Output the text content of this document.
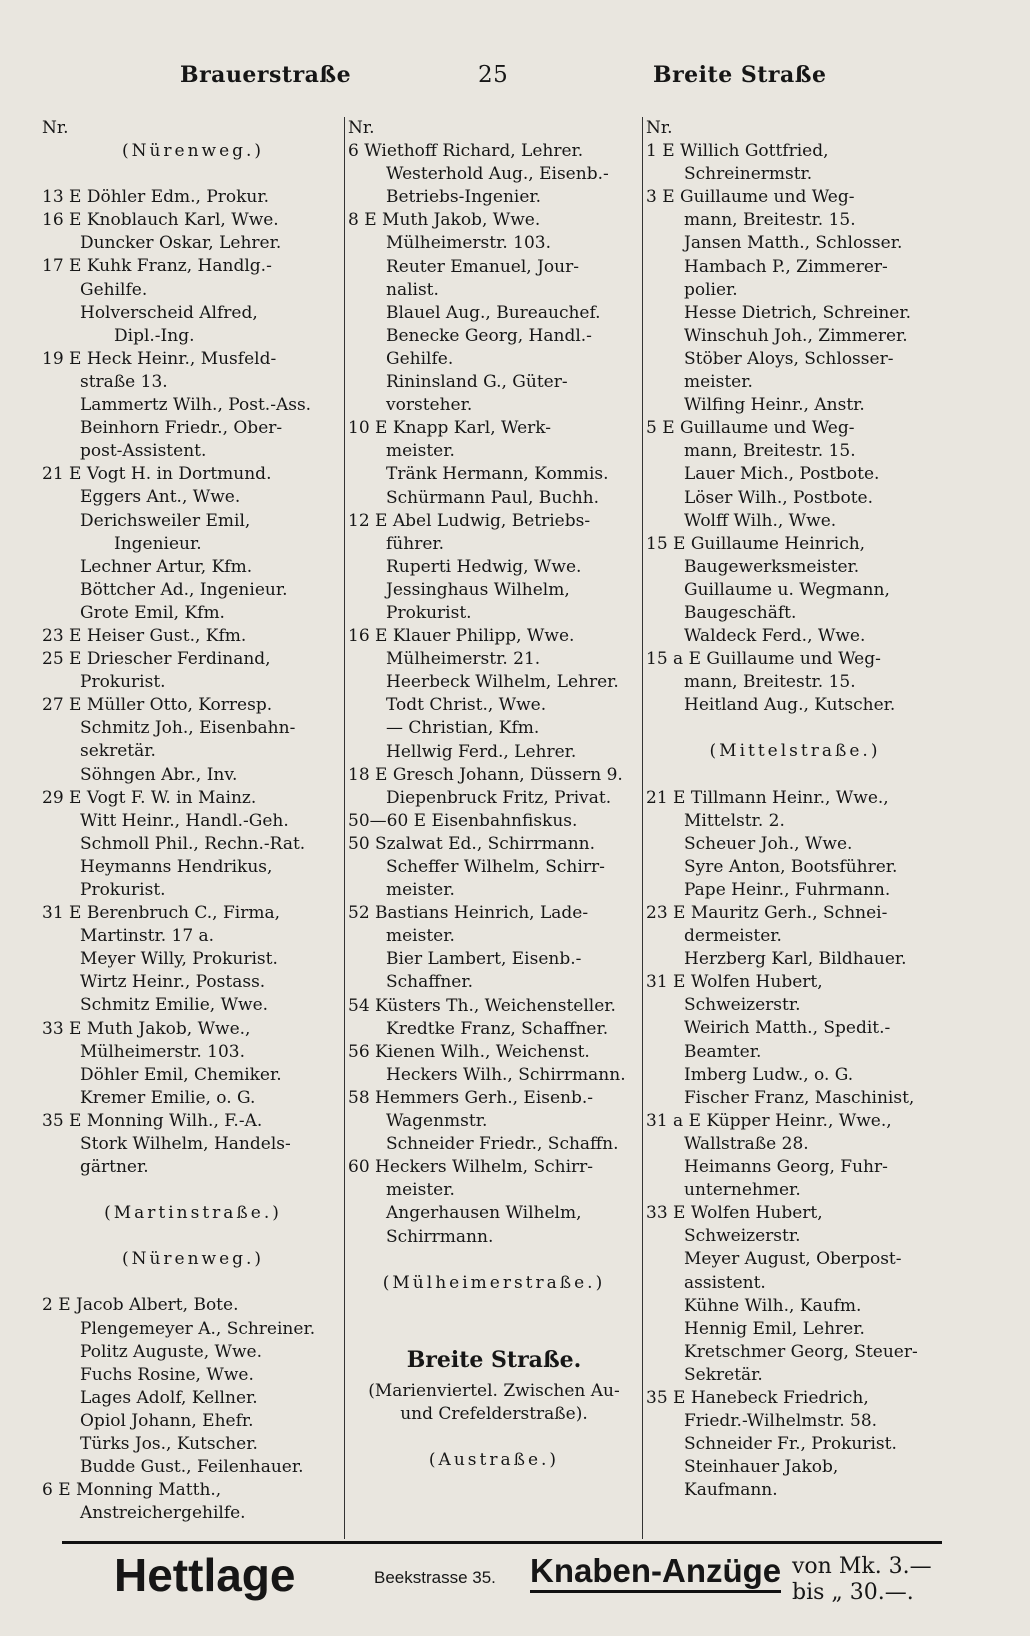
Brauerstraße	25	Breite Straße
Nr.
(Nürenweg.)
13 E Döhler Edm., Prokur.
16 E Knoblauch Karl, Wwe.
Duncker Oskar, Lehrer.
17 E Kuhk Franz, Handlg.-
Gehilfe.
Holverscheid Alfred,
Dipl.-Ing.
19 E Heck Heinr., Musfeld-
straße 13.
Lammertz Wilh., Post.-Ass.
Beinhorn Friedr., Ober-
post-Assistent.
21 E Vogt H. in Dortmund.
Eggers Ant., Wwe.
Derichsweiler Emil,
Ingenieur.
Lechner Artur, Kfm.
Böttcher Ad., Ingenieur.
Grote Emil, Kfm.
23 E Heiser Gust., Kfm.
25 E Driescher Ferdinand,
Prokurist.
27 E Müller Otto, Korresp.
Schmitz Joh., Eisenbahn-
sekretär.
Söhngen Abr., Inv.
29 E Vogt F. W. in Mainz.
Witt Heinr., Handl.-Geh.
Schmoll Phil., Rechn.-Rat.
Heymanns Hendrikus,
Prokurist.
31 E Berenbruch C., Firma,
Martinstr. 17 a.
Meyer Willy, Prokurist.
Wirtz Heinr., Postass.
Schmitz Emilie, Wwe.
33 E Muth Jakob, Wwe.,
Mülheimerstr. 103.
Döhler Emil, Chemiker.
Kremer Emilie, o. G.
35 E Monning Wilh., F.-A.
Stork Wilhelm, Handels-
gärtner.
(Martinstraße.)
(Nürenweg.)
2 E Jacob Albert, Bote.
Plengemeyer A., Schreiner.
Politz Auguste, Wwe.
Fuchs Rosine, Wwe.
Lages Adolf, Kellner.
Opiol Johann, Ehefr.
Türks Jos., Kutscher.
Budde Gust., Feilenhauer.
6 E Monning Matth.,
Anstreichergehilfe.
Nr.
6 Wiethoff Richard, Lehrer.
Westerhold Aug., Eisenb.-
Betriebs-Ingenier.
8 E Muth Jakob, Wwe.
Mülheimerstr. 103.
Reuter Emanuel, Jour-
nalist.
Blauel Aug., Bureauchef.
Benecke Georg, Handl.-
Gehilfe.
Rininsland G., Güter-
vorsteher.
10 E Knapp Karl, Werk-
meister.
Tränk Hermann, Kommis.
Schürmann Paul, Buchh.
12 E Abel Ludwig, Betriebs-
führer.
Ruperti Hedwig, Wwe.
Jessinghaus Wilhelm,
Prokurist.
16 E Klauer Philipp, Wwe.
Mülheimerstr. 21.
Heerbeck Wilhelm, Lehrer.
Todt Christ., Wwe.
— Christian, Kfm.
Hellwig Ferd., Lehrer.
18 E Gresch Johann, Düssern 9.
Diepenbruck Fritz, Privat.
50—60 E Eisenbahnfiskus.
50 Szalwat Ed., Schirrmann.
Scheffer Wilhelm, Schirr-
meister.
52 Bastians Heinrich, Lade-
meister.
Bier Lambert, Eisenb.-
Schaffner.
54 Küsters Th., Weichensteller.
Kredtke Franz, Schaffner.
56 Kienen Wilh., Weichenst.
Heckers Wilh., Schirrmann.
58 Hemmers Gerh., Eisenb.-
Wagenmstr.
Schneider Friedr., Schaffn.
60 Heckers Wilhelm, Schirr-
meister.
Angerhausen Wilhelm,
Schirrmann.
(Mülheimerstraße.)
Breite Straße.
(Marienviertel. Zwischen Au-
und Crefelderstraße).
(Austraße.)
Nr.
1 E Willich Gottfried,
Schreinermstr.
3 E Guillaume und Weg-
mann, Breitestr. 15.
Jansen Matth., Schlosser.
Hambach P., Zimmerer-
polier.
Hesse Dietrich, Schreiner.
Winschuh Joh., Zimmerer.
Stöber Aloys, Schlosser-
meister.
Wilfing Heinr., Anstr.
5 E Guillaume und Weg-
mann, Breitestr. 15.
Lauer Mich., Postbote.
Löser Wilh., Postbote.
Wolff Wilh., Wwe.
15 E Guillaume Heinrich,
Baugewerksmeister.
Guillaume u. Wegmann,
Baugeschäft.
Waldeck Ferd., Wwe.
15 a E Guillaume und Weg-
mann, Breitestr. 15.
Heitland Aug., Kutscher.
(Mittelstraße.)
21 E Tillmann Heinr., Wwe.,
Mittelstr. 2.
Scheuer Joh., Wwe.
Syre Anton, Bootsführer.
Pape Heinr., Fuhrmann.
23 E Mauritz Gerh., Schnei-
dermeister.
Herzberg Karl, Bildhauer.
31 E Wolfen Hubert,
Schweizerstr.
Weirich Matth., Spedit.-
Beamter.
Imberg Ludw., o. G.
Fischer Franz, Maschinist,
31 a E Küpper Heinr., Wwe.,
Wallstraße 28.
Heimanns Georg, Fuhr-
unternehmer.
33 E Wolfen Hubert,
Schweizerstr.
Meyer August, Oberpost-
assistent.
Kühne Wilh., Kaufm.
Hennig Emil, Lehrer.
Kretschmer Georg, Steuer-
Sekretär.
35 E Hanebeck Friedrich,
Friedr.-Wilhelmstr. 58.
Schneider Fr., Prokurist.
Steinhauer Jakob,
Kaufmann.
Hettlage	Beekstrasse 35. Knaben-Anzüge von Mk. 3.—
bis „ 30.—.
